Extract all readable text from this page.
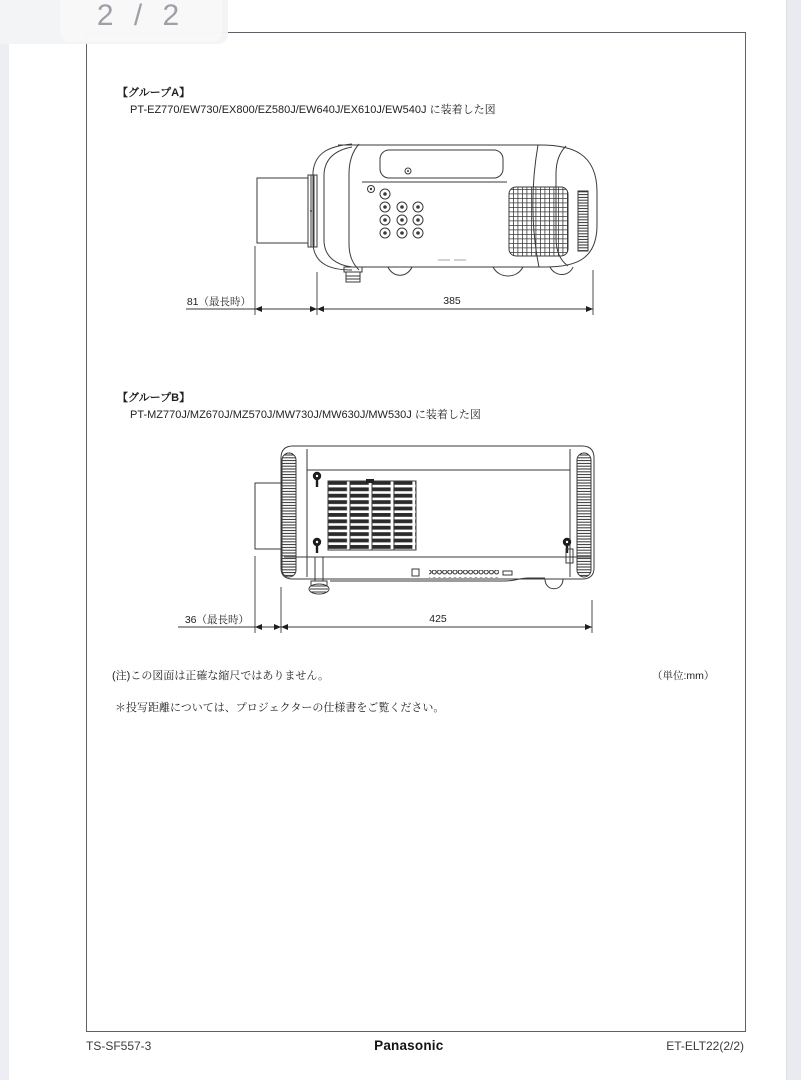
2 / 2
【グループA】
PT-EZ770/EW730/EX800/EZ580J/EW640J/EX610J/EW540J に装着した図
81（最長時）	385
【グループB】
PT-MZ770J/MZ670J/MZ570J/MW730J/MW630J/MW530J に装着した図
36（最長時）	425
(注)この図面は正確な縮尺ではありません。	（単位:mm）
＊投写距離については、プロジェクターの仕様書をご覧ください。
TS-SF557-3	Panasonic	ET-ELT22(2/2)
